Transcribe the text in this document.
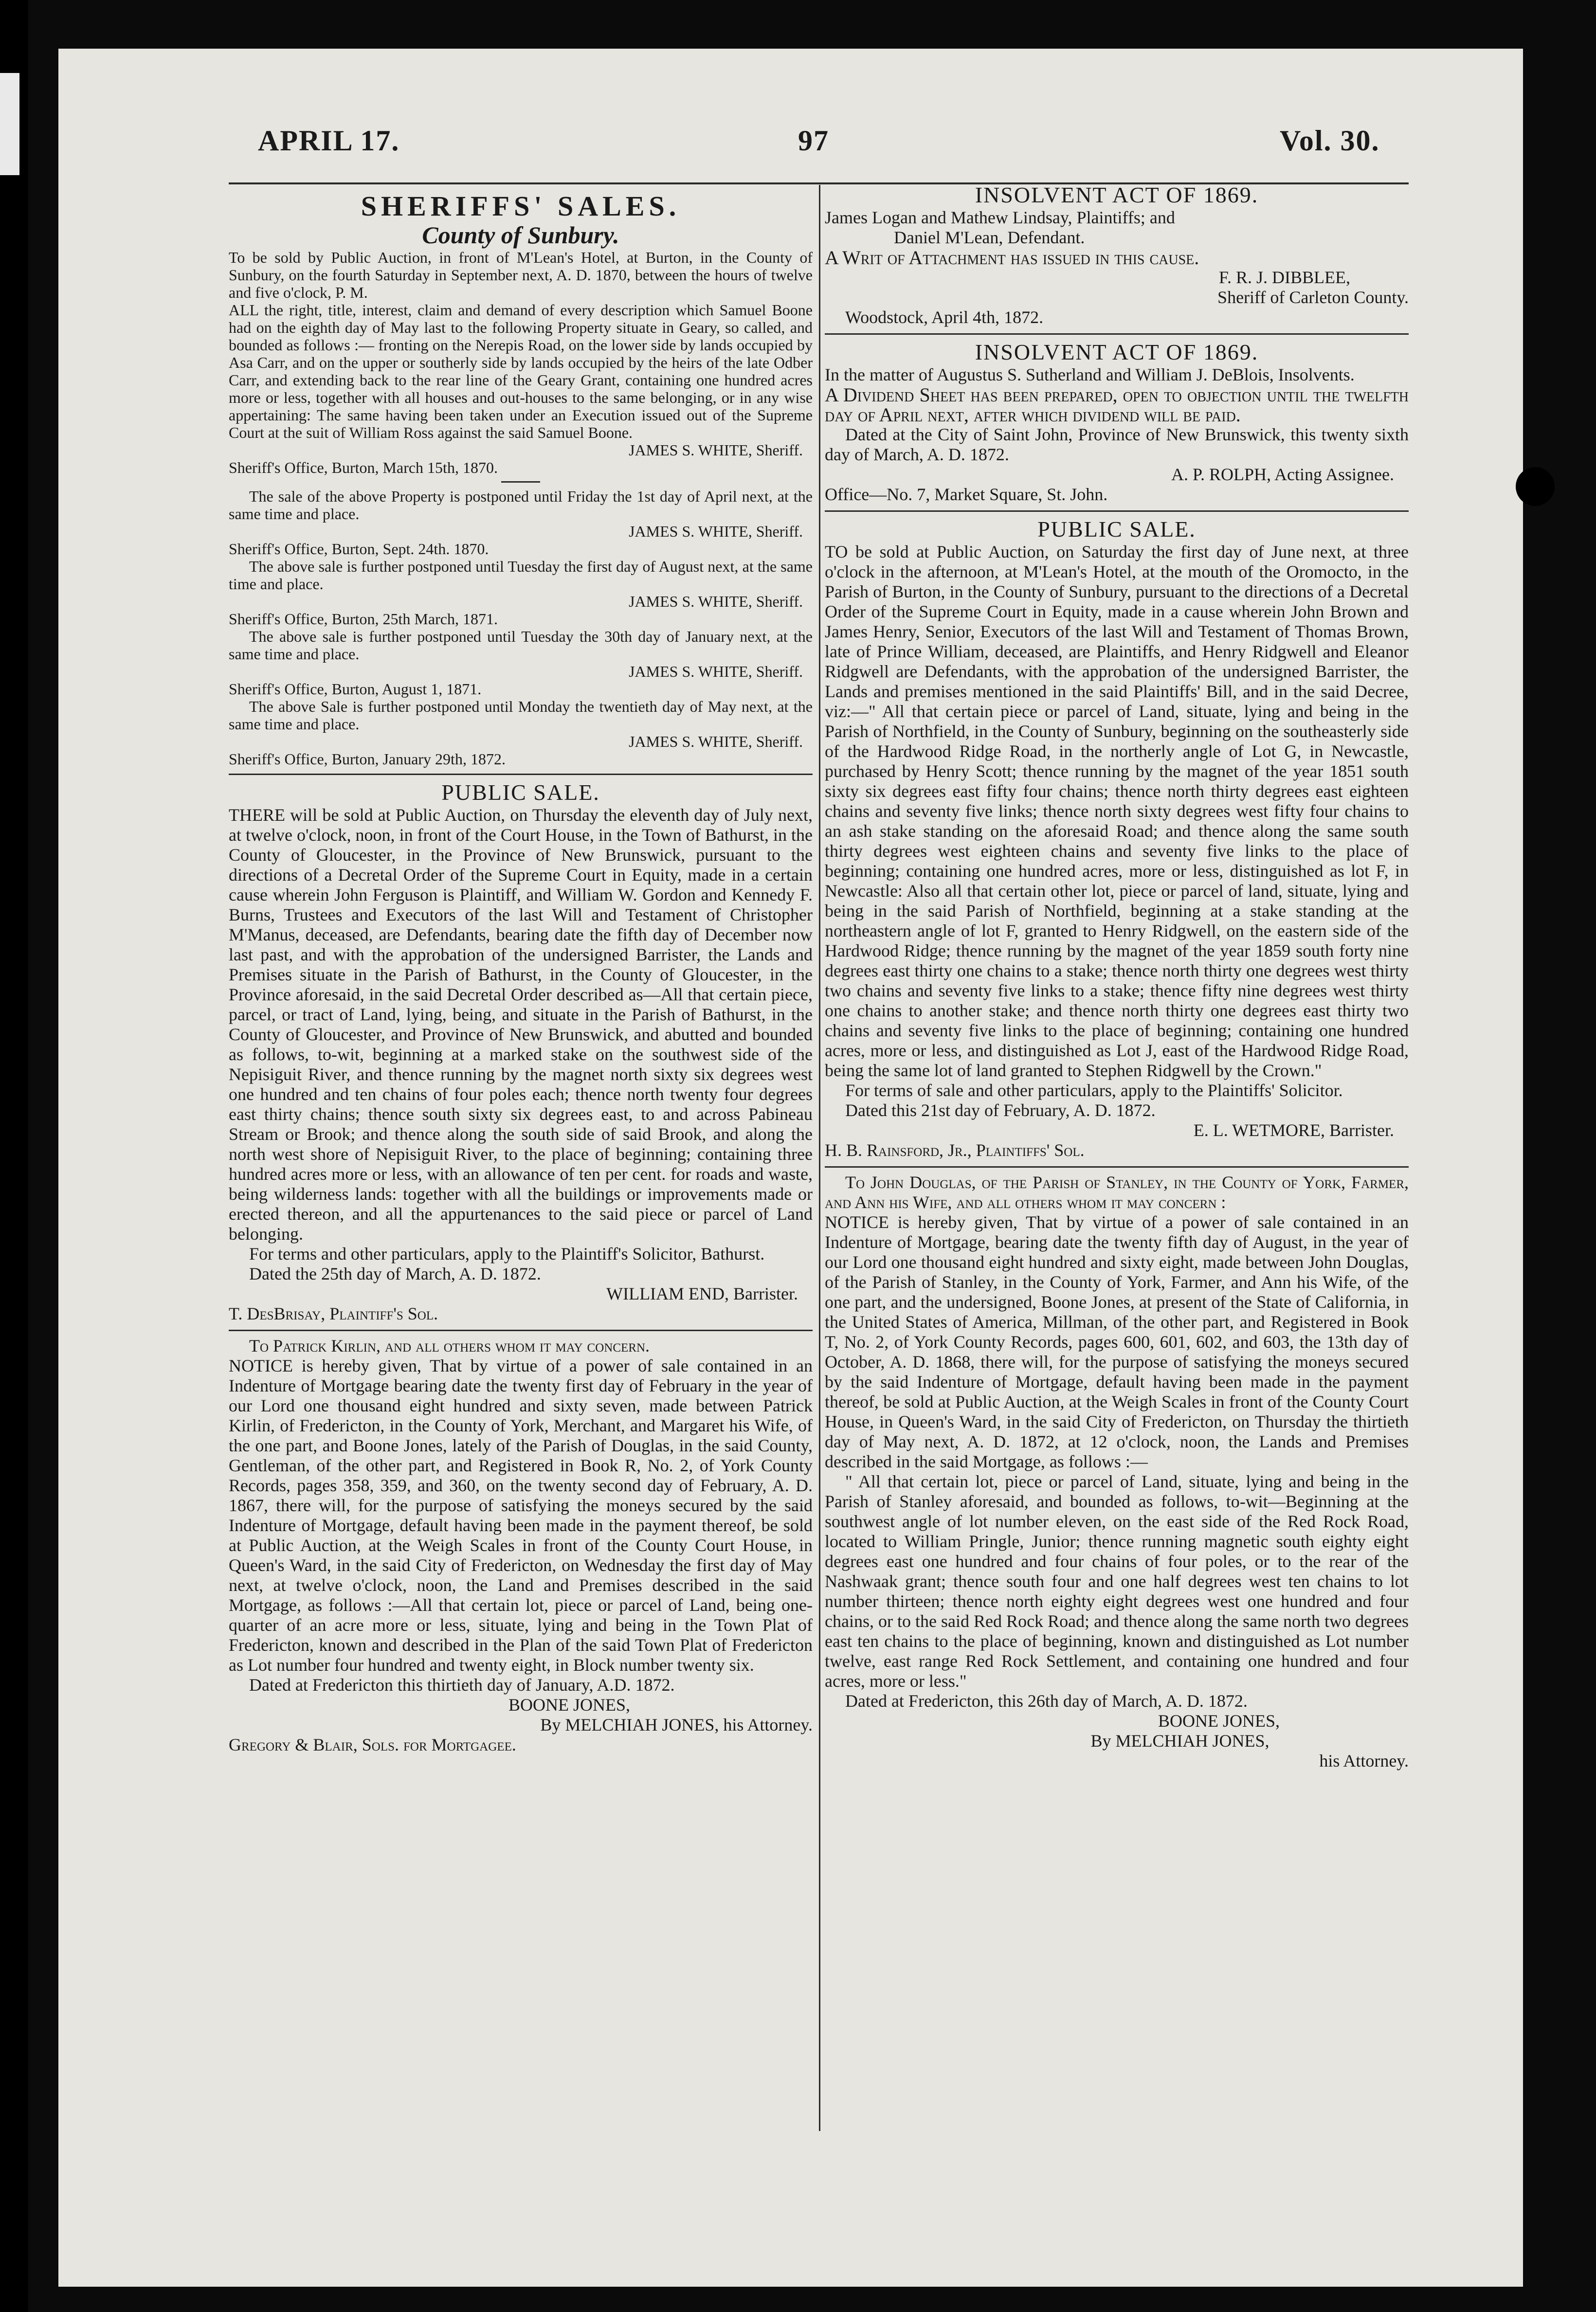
APRIL 17.	97	Vol. 30.

SHERIFFS' SALES.

County of Sunbury.

To be sold by Public Auction, in front of M'Lean's Hotel, at Burton, in the County of Sunbury, on the fourth Saturday in September next, A. D. 1870, between the hours of twelve and five o'clock, P. M.

ALL the right, title, interest, claim and demand of every description which Samuel Boone had on the eighth day of May last to the following Property situate in Geary, so called, and bounded as follows :— fronting on the Nerepis Road, on the lower side by lands occupied by Asa Carr, and on the upper or southerly side by lands occupied by the heirs of the late Odber Carr, and extending back to the rear line of the Geary Grant, containing one hundred acres more or less, together with all houses and out-houses to the same belonging, or in any wise appertaining: The same having been taken under an Execution issued out of the Supreme Court at the suit of William Ross against the said Samuel Boone.

JAMES S. WHITE, Sheriff.

Sheriff's Office, Burton, March 15th, 1870.

The sale of the above Property is postponed until Friday the 1st day of April next, at the same time and place.

JAMES S. WHITE, Sheriff.

Sheriff's Office, Burton, Sept. 24th. 1870.

The above sale is further postponed until Tuesday the first day of August next, at the same time and place.

JAMES S. WHITE, Sheriff.

Sheriff's Office, Burton, 25th March, 1871.

The above sale is further postponed until Tuesday the 30th day of January next, at the same time and place.

JAMES S. WHITE, Sheriff.

Sheriff's Office, Burton, August 1, 1871.

The above Sale is further postponed until Monday the twentieth day of May next, at the same time and place.

JAMES S. WHITE, Sheriff.

Sheriff's Office, Burton, January 29th, 1872.

PUBLIC SALE.

THERE will be sold at Public Auction, on Thursday the eleventh day of July next, at twelve o'clock, noon, in front of the Court House, in the Town of Bathurst, in the County of Gloucester, in the Province of New Brunswick, pursuant to the directions of a Decretal Order of the Supreme Court in Equity, made in a certain cause wherein John Ferguson is Plaintiff, and William W. Gordon and Kennedy F. Burns, Trustees and Executors of the last Will and Testament of Christopher M'Manus, deceased, are Defendants, bearing date the fifth day of December now last past, and with the approbation of the undersigned Barrister, the Lands and Premises situate in the Parish of Bathurst, in the County of Gloucester, in the Province aforesaid, in the said Decretal Order described as—All that certain piece, parcel, or tract of Land, lying, being, and situate in the Parish of Bathurst, in the County of Gloucester, and Province of New Brunswick, and abutted and bounded as follows, to-wit, beginning at a marked stake on the southwest side of the Nepisiguit River, and thence running by the magnet north sixty six degrees west one hundred and ten chains of four poles each; thence north twenty four degrees east thirty chains; thence south sixty six degrees east, to and across Pabineau Stream or Brook; and thence along the south side of said Brook, and along the north west shore of Nepisiguit River, to the place of beginning; containing three hundred acres more or less, with an allowance of ten per cent. for roads and waste, being wilderness lands: together with all the buildings or improvements made or erected thereon, and all the appurtenances to the said piece or parcel of Land belonging.

For terms and other particulars, apply to the Plaintiff's Solicitor, Bathurst.

Dated the 25th day of March, A. D. 1872.

WILLIAM END, Barrister.

T. DesBrisay, Plaintiff's Sol.

To Patrick Kirlin, and all others whom it may concern.

NOTICE is hereby given, That by virtue of a power of sale contained in an Indenture of Mortgage bearing date the twenty first day of February in the year of our Lord one thousand eight hundred and sixty seven, made between Patrick Kirlin, of Fredericton, in the County of York, Merchant, and Margaret his Wife, of the one part, and Boone Jones, lately of the Parish of Douglas, in the said County, Gentleman, of the other part, and Registered in Book R, No. 2, of York County Records, pages 358, 359, and 360, on the twenty second day of February, A. D. 1867, there will, for the purpose of satisfying the moneys secured by the said Indenture of Mortgage, default having been made in the payment thereof, be sold at Public Auction, at the Weigh Scales in front of the County Court House, in Queen's Ward, in the said City of Fredericton, on Wednesday the first day of May next, at twelve o'clock, noon, the Land and Premises described in the said Mortgage, as follows :—All that certain lot, piece or parcel of Land, being one-quarter of an acre more or less, situate, lying and being in the Town Plat of Fredericton, known and described in the Plan of the said Town Plat of Fredericton as Lot number four hundred and twenty eight, in Block number twenty six.

Dated at Fredericton this thirtieth day of January, A.D. 1872.

BOONE JONES,

By MELCHIAH JONES, his Attorney.

Gregory & Blair, Sols. for Mortgagee.

INSOLVENT ACT OF 1869.

James Logan and Mathew Lindsay, Plaintiffs; and

Daniel M'Lean, Defendant.

A Writ of Attachment has issued in this cause.

F. R. J. DIBBLEE,

Sheriff of Carleton County.

Woodstock, April 4th, 1872.

INSOLVENT ACT OF 1869.

In the matter of Augustus S. Sutherland and William J. DeBlois, Insolvents.

A Dividend Sheet has been prepared, open to objection until the twelfth day of April next, after which dividend will be paid.

Dated at the City of Saint John, Province of New Brunswick, this twenty sixth day of March, A. D. 1872.

A. P. ROLPH, Acting Assignee.

Office—No. 7, Market Square, St. John.

PUBLIC SALE.

TO be sold at Public Auction, on Saturday the first day of June next, at three o'clock in the afternoon, at M'Lean's Hotel, at the mouth of the Oromocto, in the Parish of Burton, in the County of Sunbury, pursuant to the directions of a Decretal Order of the Supreme Court in Equity, made in a cause wherein John Brown and James Henry, Senior, Executors of the last Will and Testament of Thomas Brown, late of Prince William, deceased, are Plaintiffs, and Henry Ridgwell and Eleanor Ridgwell are Defendants, with the approbation of the undersigned Barrister, the Lands and premises mentioned in the said Plaintiffs' Bill, and in the said Decree, viz:—" All that certain piece or parcel of Land, situate, lying and being in the Parish of Northfield, in the County of Sunbury, beginning on the southeasterly side of the Hardwood Ridge Road, in the northerly angle of Lot G, in Newcastle, purchased by Henry Scott; thence running by the magnet of the year 1851 south sixty six degrees east fifty four chains; thence north thirty degrees east eighteen chains and seventy five links; thence north sixty degrees west fifty four chains to an ash stake standing on the aforesaid Road; and thence along the same south thirty degrees west eighteen chains and seventy five links to the place of beginning; containing one hundred acres, more or less, distinguished as lot F, in Newcastle: Also all that certain other lot, piece or parcel of land, situate, lying and being in the said Parish of Northfield, beginning at a stake standing at the northeastern angle of lot F, granted to Henry Ridgwell, on the eastern side of the Hardwood Ridge; thence running by the magnet of the year 1859 south forty nine degrees east thirty one chains to a stake; thence north thirty one degrees west thirty two chains and seventy five links to a stake; thence fifty nine degrees west thirty one chains to another stake; and thence north thirty one degrees east thirty two chains and seventy five links to the place of beginning; containing one hundred acres, more or less, and distinguished as Lot J, east of the Hardwood Ridge Road, being the same lot of land granted to Stephen Ridgwell by the Crown."

For terms of sale and other particulars, apply to the Plaintiffs' Solicitor.

Dated this 21st day of February, A. D. 1872.

E. L. WETMORE, Barrister.

H. B. Rainsford, Jr., Plaintiffs' Sol.

To John Douglas, of the Parish of Stanley, in the County of York, Farmer, and Ann his Wife, and all others whom it may concern :

NOTICE is hereby given, That by virtue of a power of sale contained in an Indenture of Mortgage, bearing date the twenty fifth day of August, in the year of our Lord one thousand eight hundred and sixty eight, made between John Douglas, of the Parish of Stanley, in the County of York, Farmer, and Ann his Wife, of the one part, and the undersigned, Boone Jones, at present of the State of California, in the United States of America, Millman, of the other part, and Registered in Book T, No. 2, of York County Records, pages 600, 601, 602, and 603, the 13th day of October, A. D. 1868, there will, for the purpose of satisfying the moneys secured by the said Indenture of Mortgage, default having been made in the payment thereof, be sold at Public Auction, at the Weigh Scales in front of the County Court House, in Queen's Ward, in the said City of Fredericton, on Thursday the thirtieth day of May next, A. D. 1872, at 12 o'clock, noon, the Lands and Premises described in the said Mortgage, as follows :—

" All that certain lot, piece or parcel of Land, situate, lying and being in the Parish of Stanley aforesaid, and bounded as follows, to-wit—Beginning at the southwest angle of lot number eleven, on the east side of the Red Rock Road, located to William Pringle, Junior; thence running magnetic south eighty eight degrees east one hundred and four chains of four poles, or to the rear of the Nashwaak grant; thence south four and one half degrees west ten chains to lot number thirteen; thence north eighty eight degrees west one hundred and four chains, or to the said Red Rock Road; and thence along the same north two degrees east ten chains to the place of beginning, known and distinguished as Lot number twelve, east range Red Rock Settlement, and containing one hundred and four acres, more or less."

Dated at Fredericton, this 26th day of March, A. D. 1872.

BOONE JONES,

By MELCHIAH JONES,

his Attorney.
